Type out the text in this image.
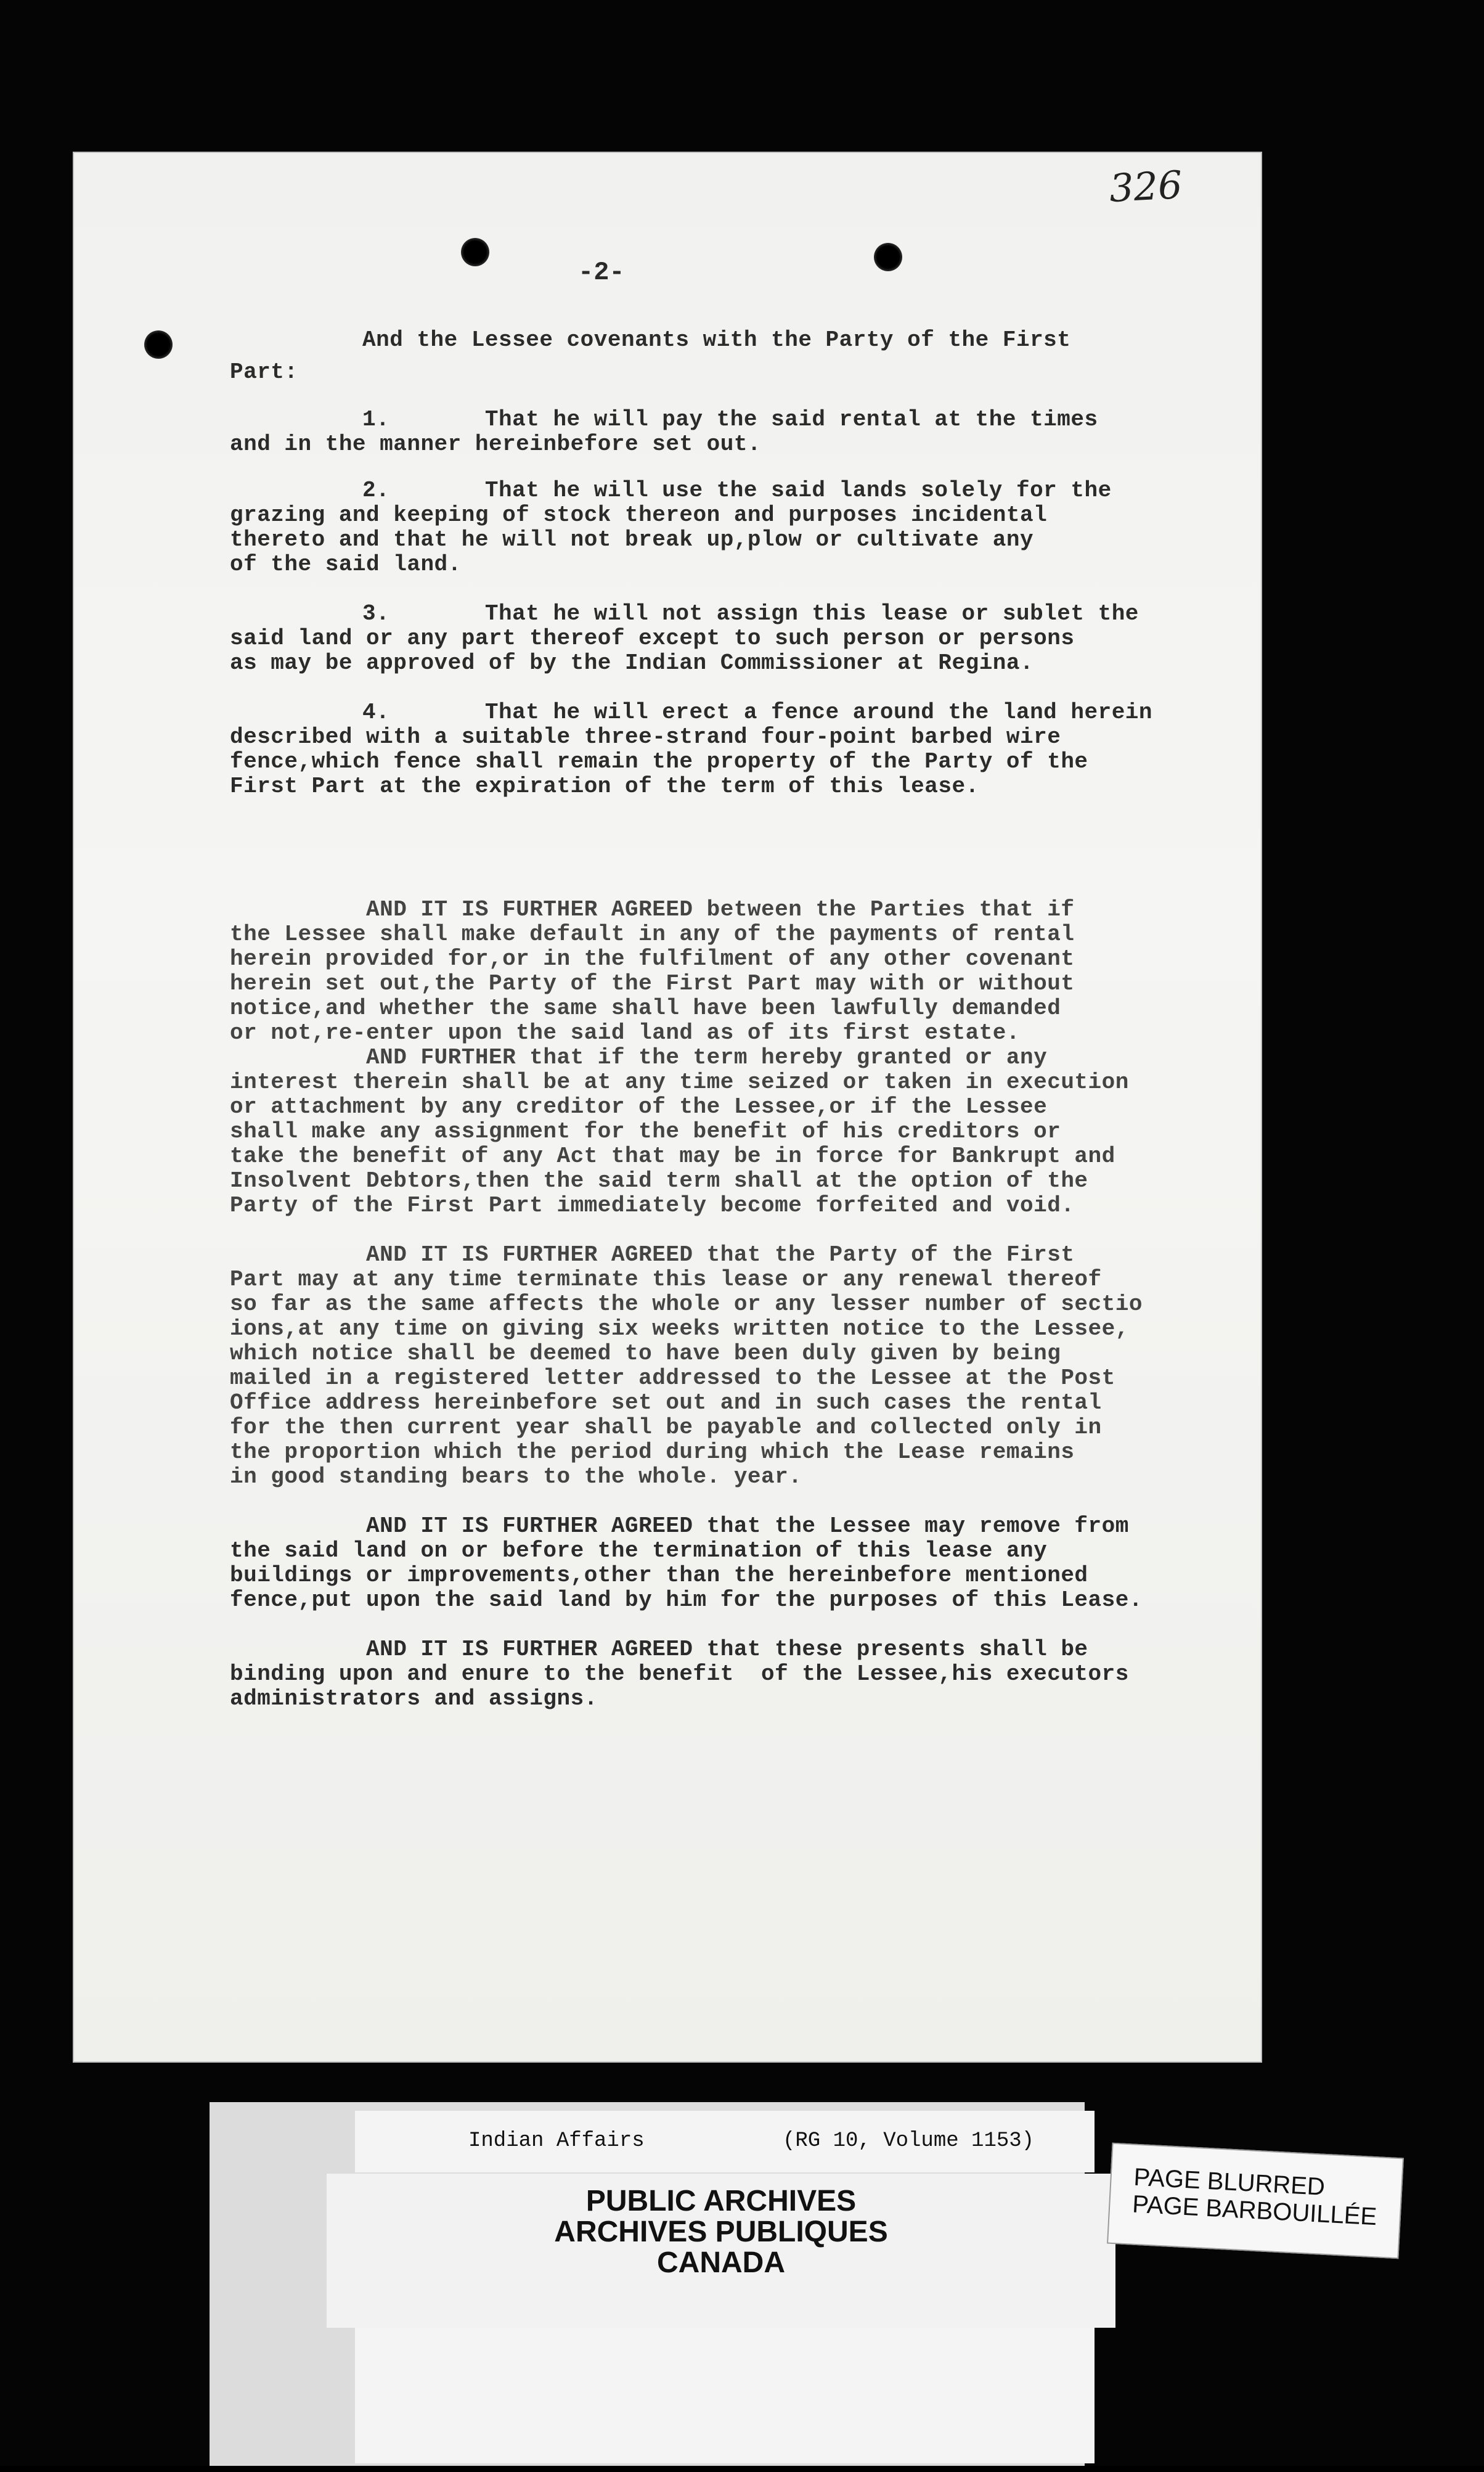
326
-2-
And the Lessee covenants with the Party of the First
Part:
1.       That he will pay the said rental at the times
and in the manner hereinbefore set out.
2.       That he will use the said lands solely for the
grazing and keeping of stock thereon and purposes incidental
thereto and that he will not break up,plow or cultivate any
of the said land.
3.       That he will not assign this lease or sublet the
said land or any part thereof except to such person or persons
as may be approved of by the Indian Commissioner at Regina.
4.       That he will erect a fence around the land herein
described with a suitable three-strand four-point barbed wire
fence,which fence shall remain the property of the Party of the
First Part at the expiration of the term of this lease.
AND IT IS FURTHER AGREED between the Parties that if
the Lessee shall make default in any of the payments of rental
herein provided for,or in the fulfilment of any other covenant
herein set out,the Party of the First Part may with or without
notice,and whether the same shall have been lawfully demanded
or not,re-enter upon the said land as of its first estate.
AND FURTHER that if the term hereby granted or any
interest therein shall be at any time seized or taken in execution
or attachment by any creditor of the Lessee,or if the Lessee
shall make any assignment for the benefit of his creditors or
take the benefit of any Act that may be in force for Bankrupt and
Insolvent Debtors,then the said term shall at the option of the
Party of the First Part immediately become forfeited and void.
AND IT IS FURTHER AGREED that the Party of the First
Part may at any time terminate this lease or any renewal thereof
so far as the same affects the whole or any lesser number of sectio
ions,at any time on giving six weeks written notice to the Lessee,
which notice shall be deemed to have been duly given by being
mailed in a registered letter addressed to the Lessee at the Post
Office address hereinbefore set out and in such cases the rental
for the then current year shall be payable and collected only in
the proportion which the period during which the Lease remains
in good standing bears to the whole. year.
AND IT IS FURTHER AGREED that the Lessee may remove from
the said land on or before the termination of this lease any
buildings or improvements,other than the hereinbefore mentioned
fence,put upon the said land by him for the purposes of this Lease.
AND IT IS FURTHER AGREED that these presents shall be
binding upon and enure to the benefit  of the Lessee,his executors
administrators and assigns.
Indian Affairs	(RG 10, Volume 1153)
PUBLIC ARCHIVES
ARCHIVES PUBLIQUES
CANADA
PAGE BLURRED
PAGE BARBOUILLÉE
